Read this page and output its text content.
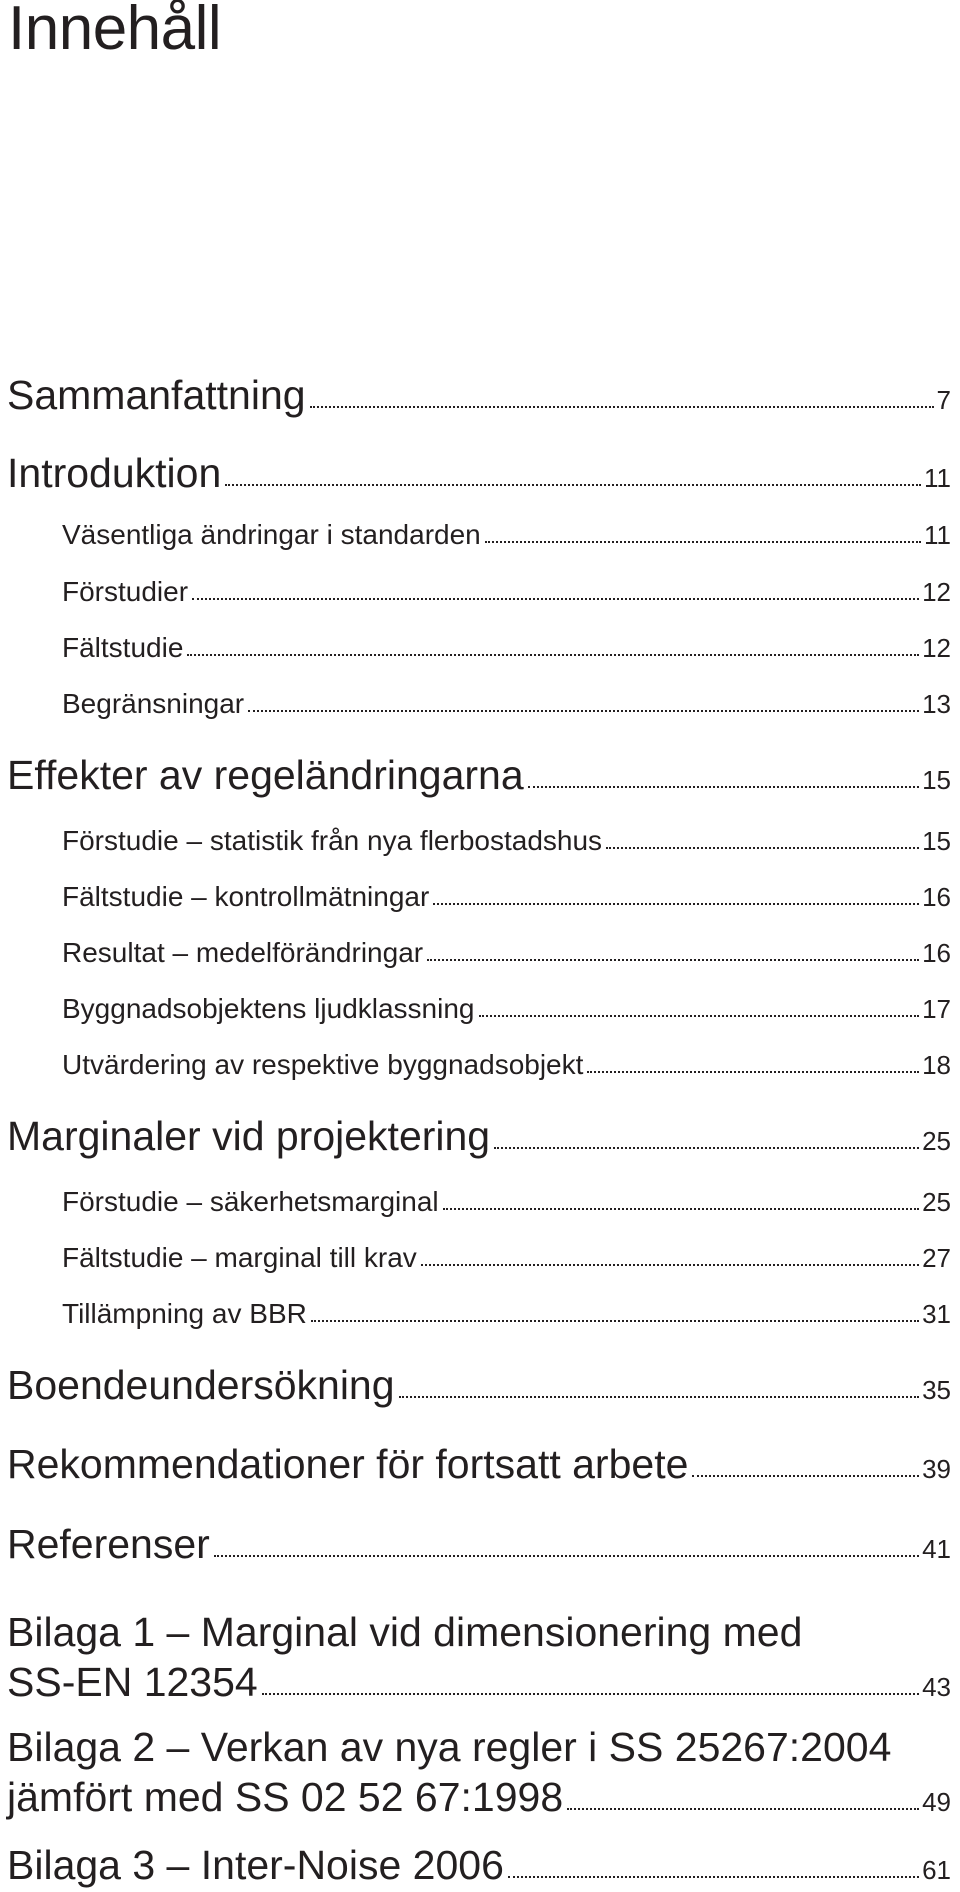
Innehåll
Sammanfattning	7
Introduktion	11
Väsentliga ändringar i standarden	11
Förstudier	12
Fältstudie	12
Begränsningar	13
Effekter av regeländringarna	15
Förstudie – statistik från nya flerbostadshus	15
Fältstudie – kontrollmätningar	16
Resultat – medelförändringar	16
Byggnadsobjektens ljudklassning	17
Utvärdering av respektive byggnadsobjekt	18
Marginaler vid projektering	25
Förstudie – säkerhetsmarginal	25
Fältstudie – marginal till krav	27
Tillämpning av BBR	31
Boendeundersökning	35
Rekommendationer för fortsatt arbete	39
Referenser	41
Bilaga 1 – Marginal vid dimensionering med
SS-EN 12354	43
Bilaga 2 – Verkan av nya regler i SS 25267:2004
jämfört med SS 02 52 67:1998	49
Bilaga 3 – Inter-Noise 2006	61
